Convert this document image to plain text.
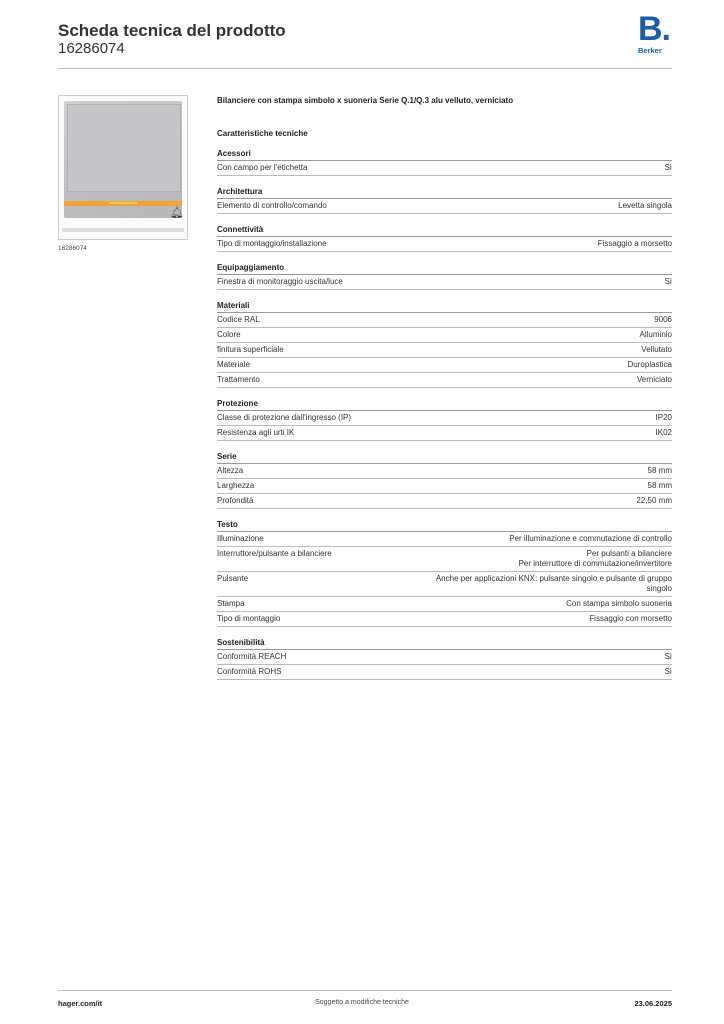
Scheda tecnica del prodotto
16286074
B.
Berker
🔔︎
16286074
Bilanciere con stampa simbolo x suoneria Serie Q.1/Q.3 alu velluto, verniciato
Caratteristiche tecniche
Acessori
Con campo per l'etichetta	Sì
Architettura
Elemento di controllo/comando	Levetta singola
Connettività
Tipo di montaggio/installazione	Fissaggio a morsetto
Equipaggiamento
Finestra di monitoraggio uscita/luce	Sì
Materiali
Codice RAL	9006
Colore	Alluminio
finitura superficiale	Vellutato
Materiale	Duroplastica
Trattamento	Verniciato
Protezione
Classe di protezione dall'ingresso (IP)	IP20
Resistenza agli urti IK	IK02
Serie
Altezza	58 mm
Larghezza	58 mm
Profondità	22,50 mm
Testo
Illuminazione	Per illuminazione e commutazione di controllo
Interruttore/pulsante a bilanciere	Per pulsanti a bilanciere
Per interruttore di commutazione/invertitore
Pulsante	Anche per applicazioni KNX: pulsante singolo e pulsante di gruppo
singolo
Stampa	Con stampa simbolo suoneria
Tipo di montaggio	Fissaggio con morsetto
Sostenibilità
Conformità REACH	Sì
Conformità ROHS	Sì
hager.com/it	Soggetto a modifiche tecniche	23.06.2025
